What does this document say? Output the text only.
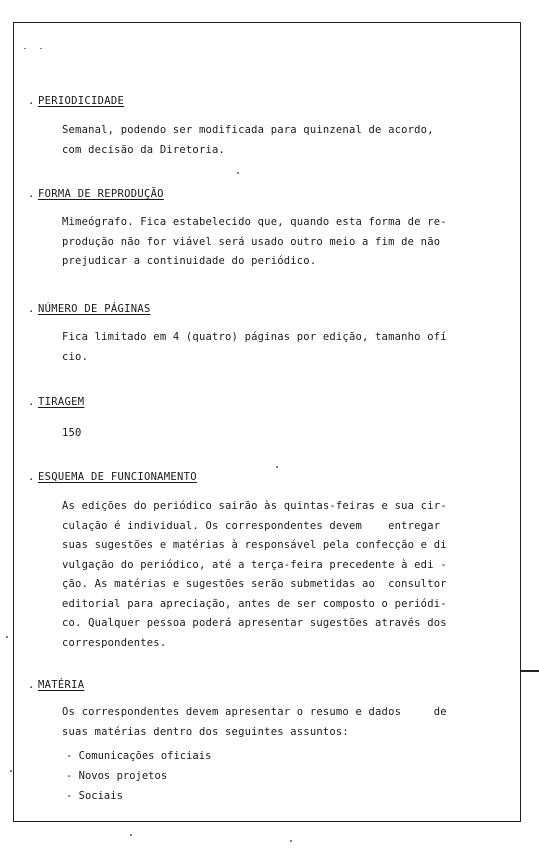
. PERIODICIDADE
Semanal, podendo ser modificada para quinzenal de acordo,
com decisão da Diretoria.
. FORMA DE REPRODUÇÃO
Mimeógrafo. Fica estabelecido que, quando esta forma de re-
produção não for viável será usado outro meio a fim de não
prejudicar a continuidade do periódico.
. NÚMERO DE PÁGINAS
Fica limitado em 4 (quatro) páginas por edição, tamanho ofí
cio.
. TIRAGEM
150
. ESQUEMA DE FUNCIONAMENTO
As edições do periódico sairão às quintas-feiras e sua cir-
culação é individual. Os correspondentes devem    entregar
suas sugestões e matérias à responsável pela confecção e di
vulgação do periódico, até a terça-feira precedente à edi -
ção. As matérias e sugestões serão submetidas ao  consultor
editorial para apreciação, antes de ser composto o periódi-
co. Qualquer pessoa poderá apresentar sugestões através dos
correspondentes.
. MATÉRIA
Os correspondentes devem apresentar o resumo e dados     de
suas matérias dentro dos seguintes assuntos:
- Comunicações oficiais
- Novos projetos
- Sociais
